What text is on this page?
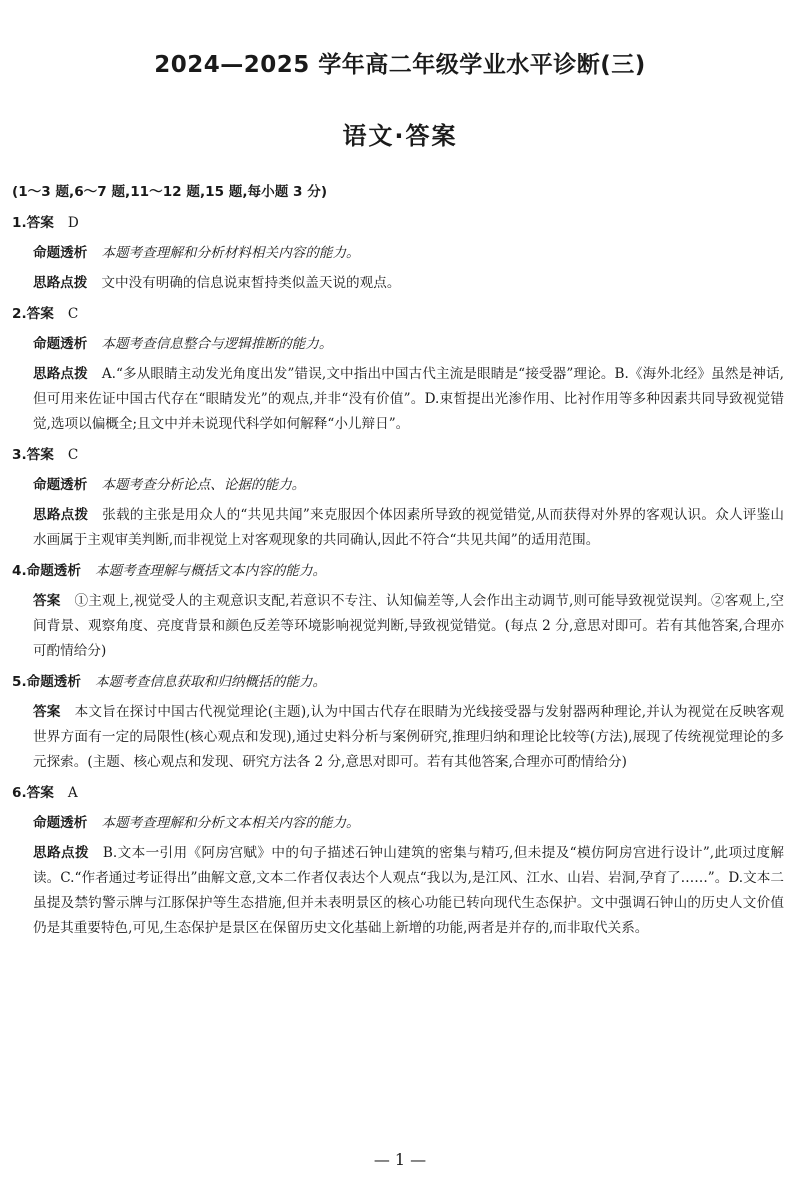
2024—2025 学年高二年级学业水平诊断(三)
语文·答案
(1～3 题,6～7 题,11～12 题,15 题,每小题 3 分)
1.答案 D
命题透析 本题考查理解和分析材料相关内容的能力。
思路点拨 文中没有明确的信息说束皙持类似盖天说的观点。
2.答案 C
命题透析 本题考查信息整合与逻辑推断的能力。
思路点拨 A.“多从眼睛主动发光角度出发”错误,文中指出中国古代主流是眼睛是“接受器”理论。B.《海外北经》虽然是神话,但可用来佐证中国古代存在“眼睛发光”的观点,并非“没有价值”。D.束皙提出光渗作用、比衬作用等多种因素共同导致视觉错觉,选项以偏概全;且文中并未说现代科学如何解释“小儿辩日”。
3.答案 C
命题透析 本题考查分析论点、论据的能力。
思路点拨 张载的主张是用众人的“共见共闻”来克服因个体因素所导致的视觉错觉,从而获得对外界的客观认识。众人评鉴山水画属于主观审美判断,而非视觉上对客观现象的共同确认,因此不符合“共见共闻”的适用范围。
4.命题透析 本题考查理解与概括文本内容的能力。
答案 ①主观上,视觉受人的主观意识支配,若意识不专注、认知偏差等,人会作出主动调节,则可能导致视觉误判。②客观上,空间背景、观察角度、亮度背景和颜色反差等环境影响视觉判断,导致视觉错觉。(每点 2 分,意思对即可。若有其他答案,合理亦可酌情给分)
5.命题透析 本题考查信息获取和归纳概括的能力。
答案 本文旨在探讨中国古代视觉理论(主题),认为中国古代存在眼睛为光线接受器与发射器两种理论,并认为视觉在反映客观世界方面有一定的局限性(核心观点和发现),通过史料分析与案例研究,推理归纳和理论比较等(方法),展现了传统视觉理论的多元探索。(主题、核心观点和发现、研究方法各 2 分,意思对即可。若有其他答案,合理亦可酌情给分)
6.答案 A
命题透析 本题考查理解和分析文本相关内容的能力。
思路点拨 B.文本一引用《阿房宫赋》中的句子描述石钟山建筑的密集与精巧,但未提及“模仿阿房宫进行设计”,此项过度解读。C.“作者通过考证得出”曲解文意,文本二作者仅表达个人观点“我以为,是江风、江水、山岩、岩洞,孕育了……”。D.文本二虽提及禁钓警示牌与江豚保护等生态措施,但并未表明景区的核心功能已转向现代生态保护。文中强调石钟山的历史人文价值仍是其重要特色,可见,生态保护是景区在保留历史文化基础上新增的功能,两者是并存的,而非取代关系。
— 1 —
